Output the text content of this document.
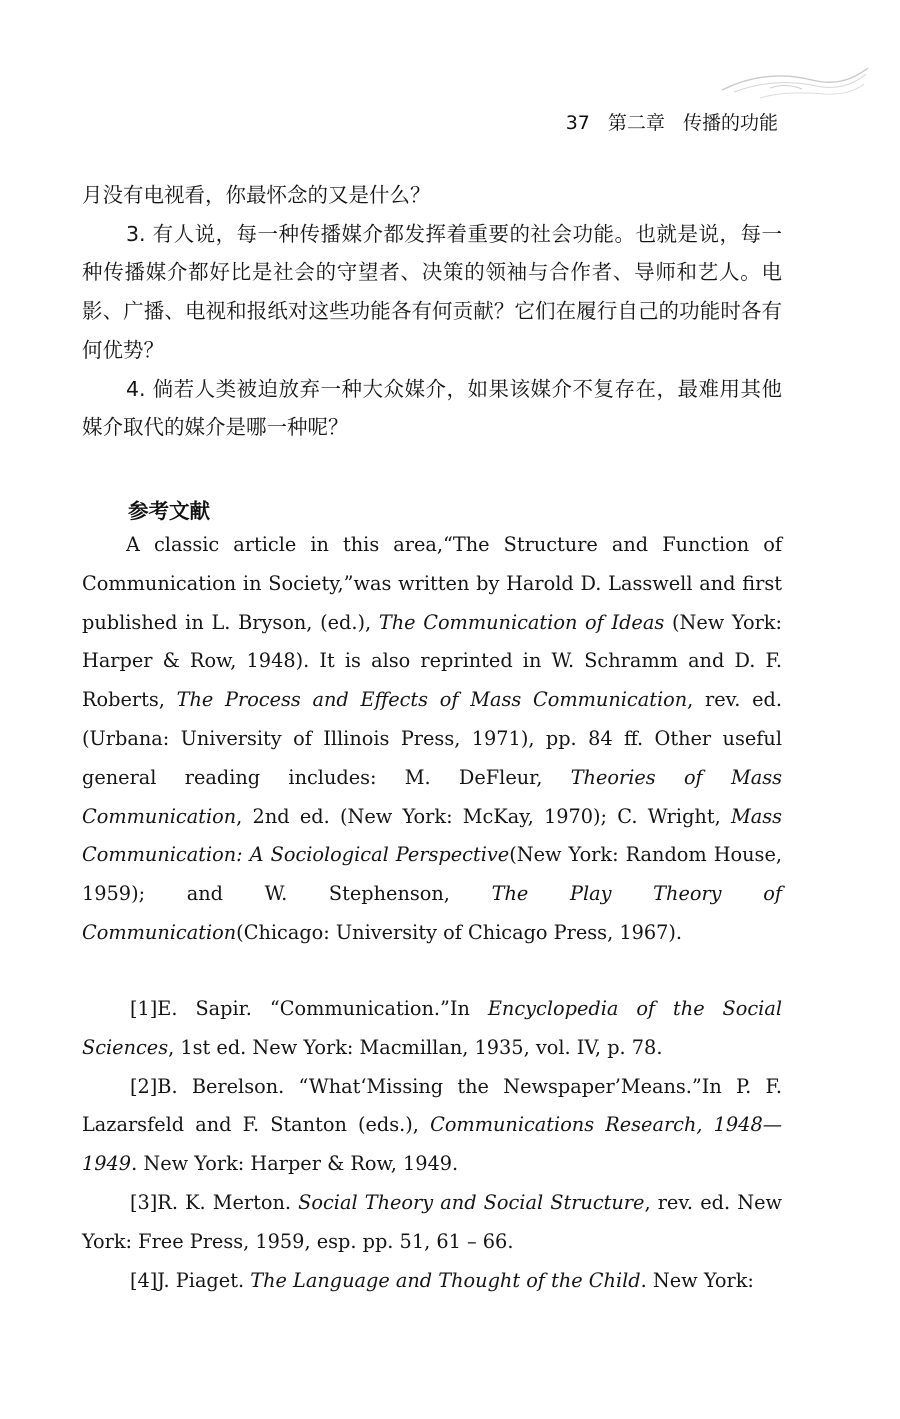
37 第二章 传播的功能

月没有电视看，你最怀念的又是什么？

3. 有人说，每一种传播媒介都发挥着重要的社会功能。也就是说，每一种传播媒介都好比是社会的守望者、决策的领袖与合作者、导师和艺人。电影、广播、电视和报纸对这些功能各有何贡献？它们在履行自己的功能时各有何优势？

4. 倘若人类被迫放弃一种大众媒介，如果该媒介不复存在，最难用其他媒介取代的媒介是哪一种呢？

参考文献

A classic article in this area,“The Structure and Function of Communication in Society,”was written by Harold D. Lasswell and first published in L. Bryson, (ed.), The Communication of Ideas (New York: Harper & Row, 1948). It is also reprinted in W. Schramm and D. F. Roberts, The Process and Effects of Mass Communication, rev. ed. (Urbana: University of Illinois Press, 1971), pp. 84 ff. Other useful general reading includes: M. DeFleur, Theories of Mass Communication, 2nd ed. (New York: McKay, 1970); C. Wright, Mass Communication: A Sociological Perspective(New York: Random House, 1959); and W. Stephenson, The Play Theory of Communication(Chicago: University of Chicago Press, 1967).

[1]E. Sapir. “Communication.”In Encyclopedia of the Social Sciences, 1st ed. New York: Macmillan, 1935, vol. IV, p. 78.

[2]B. Berelson. “What‘Missing the Newspaper’Means.”In P. F. Lazarsfeld and F. Stanton (eds.), Communications Research, 1948—1949. New York: Harper & Row, 1949.

[3]R. K. Merton. Social Theory and Social Structure, rev. ed. New York: Free Press, 1959, esp. pp. 51, 61 – 66.

[4]J. Piaget. The Language and Thought of the Child. New York:
